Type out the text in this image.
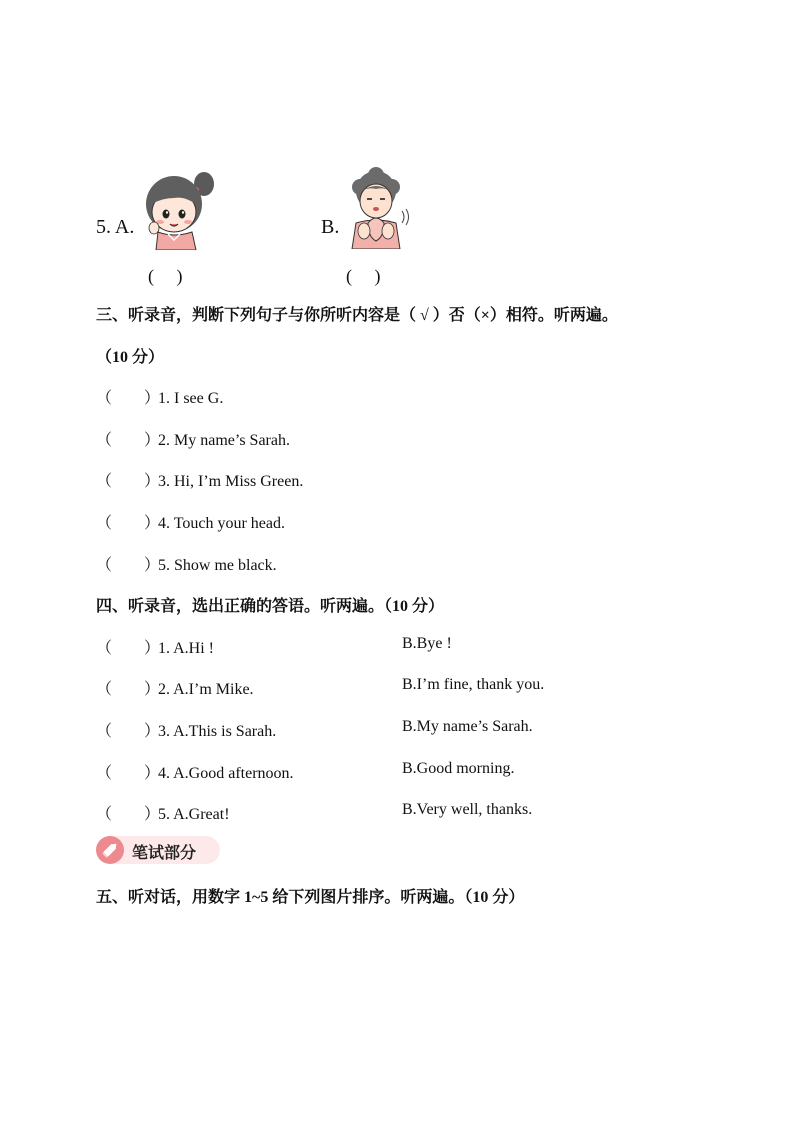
5. A.	B.
(　 )	(　 )
三、听录音，判断下列句子与你所听内容是（ √ ）否（×）相符。听两遍。
（10 分）
（　　）1. I see G.
（　　）2. My name’s Sarah.
（　　）3. Hi, I’m Miss Green.
（　　）4. Touch your head.
（　　）5. Show me black.
四、听录音，选出正确的答语。听两遍。（10 分）
（　　）1. A.Hi !	B.Bye !
（　　）2. A.I’m Mike.	B.I’m fine, thank you.
（　　）3. A.This is Sarah.	B.My name’s Sarah.
（　　）4. A.Good afternoon.	B.Good morning.
（　　）5. A.Great!	B.Very well, thanks.
笔试部分
五、听对话，用数字 1~5 给下列图片排序。听两遍。（10 分）
